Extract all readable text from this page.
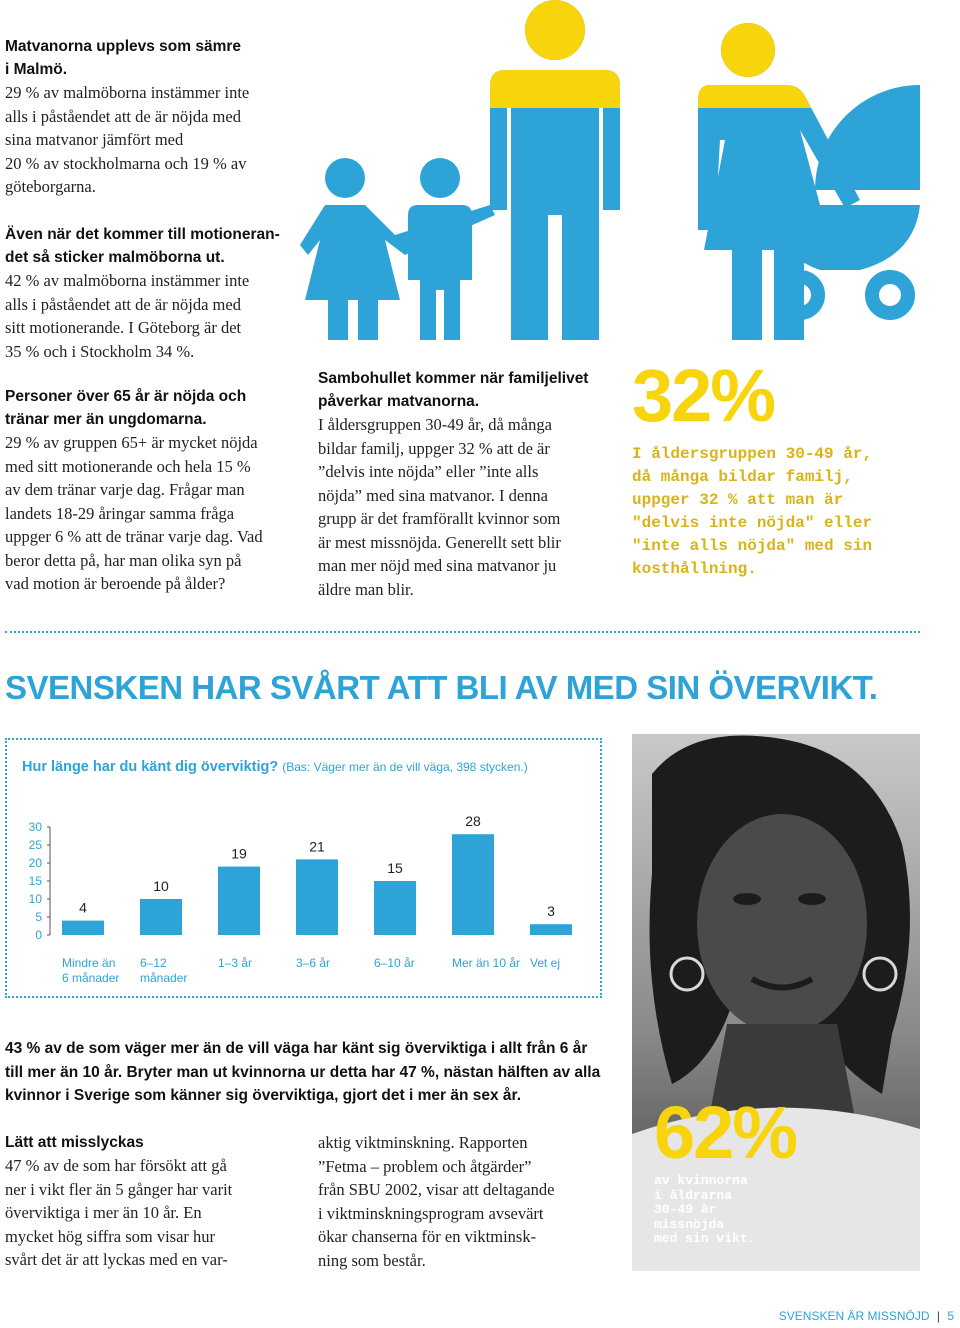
Matvanorna upplevs som sämre
i Malmö.
29 % av malmöborna instämmer inte
alls i påståendet att de är nöjda med
sina matvanor jämfört med
20 % av stockholmarna och 19 % av
göteborgarna.
Även när det kommer till motioneran-
det så sticker malmöborna ut.
42 % av malmöborna instämmer inte
alls i påståendet att de är nöjda med
sitt motionerande. I Göteborg är det
35 % och i Stockholm 34 %.
Personer över 65 år är nöjda och
tränar mer än ungdomarna.
29 % av gruppen 65+ är mycket nöjda
med sitt motionerande och hela 15 %
av dem tränar varje dag. Frågar man
landets 18-29 åringar samma fråga
uppger 6 % att de tränar varje dag. Vad
beror detta på, har man olika syn på
vad motion är beroende på ålder?
Sambohullet kommer när familjelivet
påverkar matvanorna.
I åldersgruppen 30-49 år, då många
bildar familj, uppger 32 % att de är
”delvis inte nöjda” eller ”inte alls
nöjda” med sina matvanor. I denna
grupp är det framförallt kvinnor som
är mest missnöjda. Generellt sett blir
man mer nöjd med sina matvanor ju
äldre man blir.
32%
I åldersgruppen 30-49 år,
då många bildar familj,
uppger 32 % att man är
"delvis inte nöjda" eller
"inte alls nöjda" med sin
kosthållning.
SVENSKEN HAR SVÅRT ATT BLI AV MED SIN ÖVERVIKT.
Hur länge har du känt dig överviktig? (Bas: Väger mer än de vill väga, 398 stycken.)
0
5
10
15
20
25
30
4
Mindre än
6 månader
10
6–12
månader
19
1–3 år
21
3–6 år
15
6–10 år
28
Mer än 10 år
3
Vet ej
43 % av de som väger mer än de vill väga har känt sig överviktiga i allt från 6 år
till mer än 10 år. Bryter man ut kvinnorna ur detta har 47 %, nästan hälften av alla
kvinnor i Sverige som känner sig överviktiga, gjort det i mer än sex år.
Lätt att misslyckas
47 % av de som har försökt att gå
ner i vikt fler än 5 gånger har varit
överviktiga i mer än 10 år. En
mycket hög siffra som visar hur
svårt det är att lyckas med en var-
aktig viktminskning. Rapporten
”Fetma – problem och åtgärder”
från SBU 2002, visar att deltagande
i viktminskningsprogram avsevärt
ökar chanserna för en viktminsk-
ning som består.
62%
av kvinnorna
i åldrarna
30-49 år
missnöjda
med sin vikt.
SVENSKEN ÄR MISSNÖJD | 5
